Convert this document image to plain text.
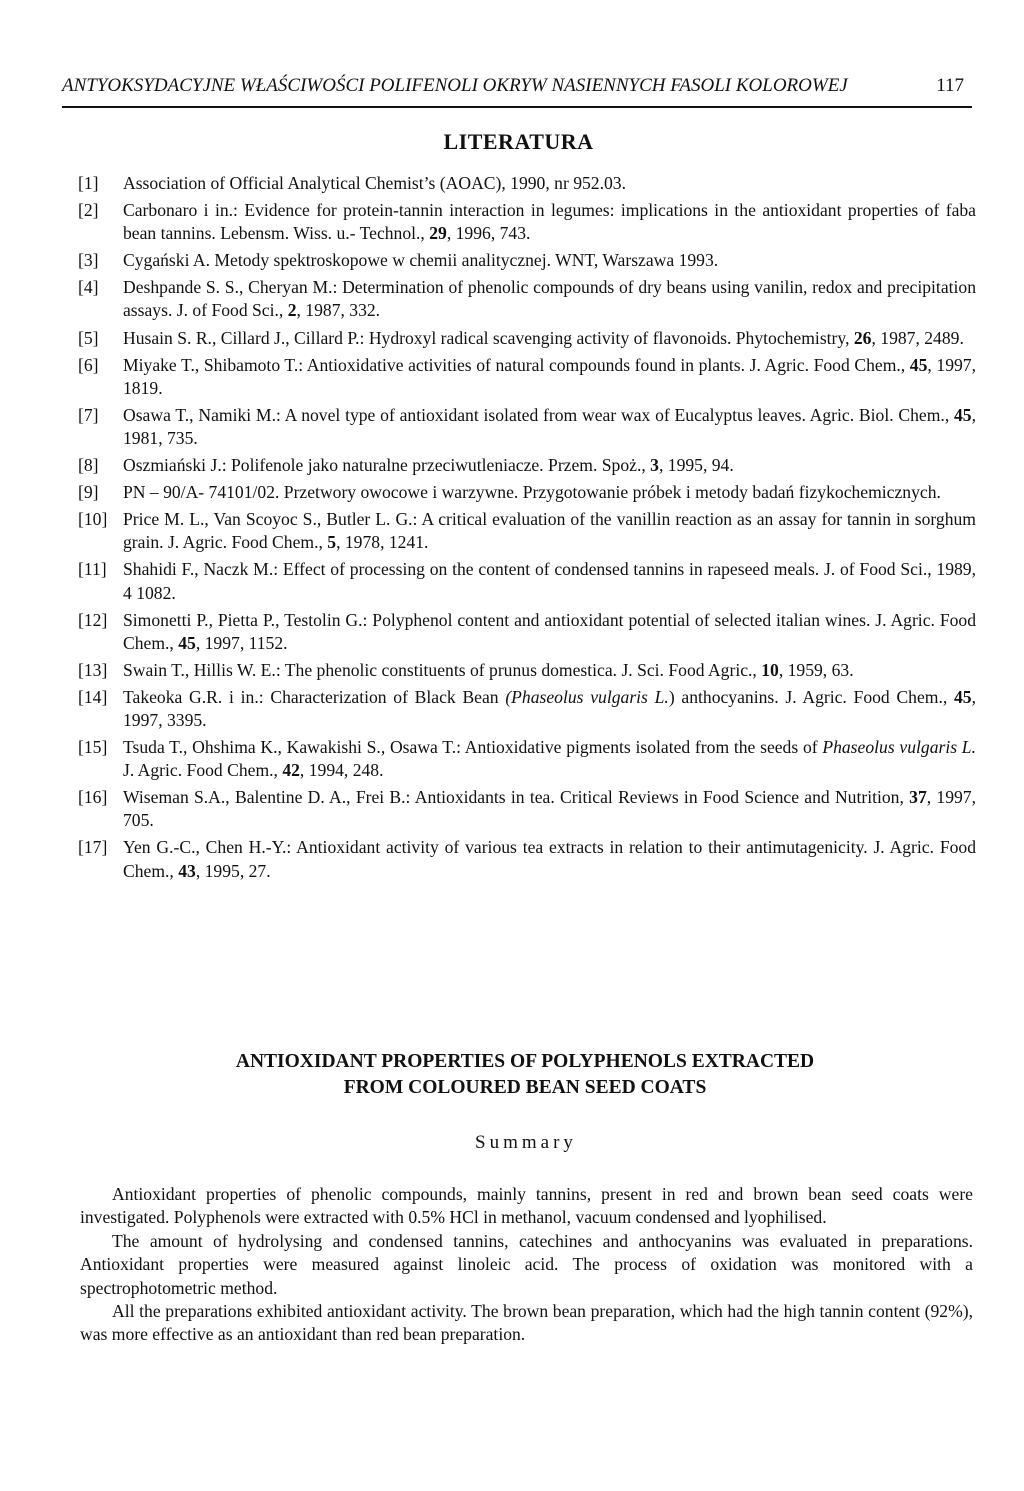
ANTYOKSYDACYJNE WŁAŚCIWOŚCI POLIFENOLI OKRYW NASIENNYCH FASOLI KOLOROWEJ	117
LITERATURA
[1]	Association of Official Analytical Chemist’s (AOAC), 1990, nr 952.03.
[2]	Carbonaro i in.: Evidence for protein-tannin interaction in legumes: implications in the antioxidant properties of faba bean tannins. Lebensm. Wiss. u.- Technol., 29, 1996, 743.
[3]	Cygański A. Metody spektroskopowe w chemii analitycznej. WNT, Warszawa 1993.
[4]	Deshpande S. S., Cheryan M.: Determination of phenolic compounds of dry beans using vanilin, redox and precipitation assays. J. of Food Sci., 2, 1987, 332.
[5]	Husain S. R., Cillard J., Cillard P.: Hydroxyl radical scavenging activity of flavonoids. Phytochemistry, 26, 1987, 2489.
[6]	Miyake T., Shibamoto T.: Antioxidative activities of natural compounds found in plants. J. Agric. Food Chem., 45, 1997, 1819.
[7]	Osawa T., Namiki M.: A novel type of antioxidant isolated from wear wax of Eucalyptus leaves. Agric. Biol. Chem., 45, 1981, 735.
[8]	Oszmiański J.: Polifenole jako naturalne przeciwutleniacze. Przem. Spoż., 3, 1995, 94.
[9]	PN – 90/A- 74101/02. Przetwory owocowe i warzywne. Przygotowanie próbek i metody badań fizykochemicznych.
[10] Price M. L., Van Scoyoc S., Butler L. G.: A critical evaluation of the vanillin reaction as an assay for tannin in sorghum grain. J. Agric. Food Chem., 5, 1978, 1241.
[11] Shahidi F., Naczk M.: Effect of processing on the content of condensed tannins in rapeseed meals. J. of Food Sci., 1989, 4 1082.
[12] Simonetti P., Pietta P., Testolin G.: Polyphenol content and antioxidant potential of selected italian wines. J. Agric. Food Chem., 45, 1997, 1152.
[13] Swain T., Hillis W. E.: The phenolic constituents of prunus domestica. J. Sci. Food Agric., 10, 1959, 63.
[14] Takeoka G.R. i in.: Characterization of Black Bean (Phaseolus vulgaris L.) anthocyanins. J. Agric. Food Chem., 45, 1997, 3395.
[15] Tsuda T., Ohshima K., Kawakishi S., Osawa T.: Antioxidative pigments isolated from the seeds of Phaseolus vulgaris L. J. Agric. Food Chem., 42, 1994, 248.
[16] Wiseman S.A., Balentine D. A., Frei B.: Antioxidants in tea. Critical Reviews in Food Science and Nutrition, 37, 1997, 705.
[17] Yen G.-C., Chen H.-Y.: Antioxidant activity of various tea extracts in relation to their antimutagenicity. J. Agric. Food Chem., 43, 1995, 27.
ANTIOXIDANT PROPERTIES OF POLYPHENOLS EXTRACTED
FROM COLOURED BEAN SEED COATS
Summary

Antioxidant properties of phenolic compounds, mainly tannins, present in red and brown bean seed coats were investigated. Polyphenols were extracted with 0.5% HCl in methanol, vacuum condensed and lyophilised.

The amount of hydrolysing and condensed tannins, catechines and anthocyanins was evaluated in preparations. Antioxidant properties were measured against linoleic acid. The process of oxidation was monitored with a spectrophotometric method.

All the preparations exhibited antioxidant activity. The brown bean preparation, which had the high tannin content (92%), was more effective as an antioxidant than red bean preparation.
